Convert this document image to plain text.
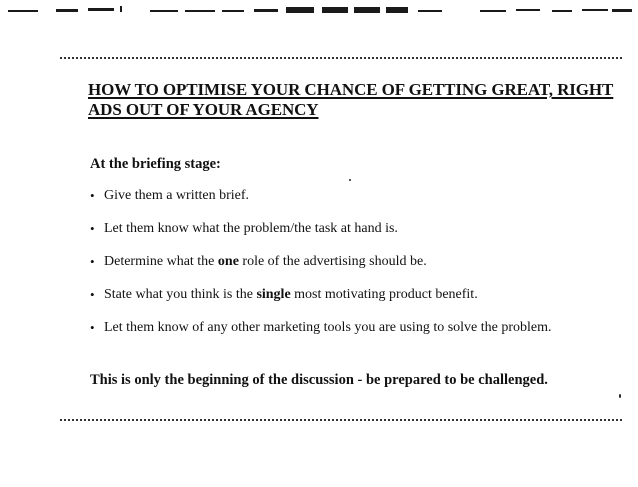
HOW TO OPTIMISE YOUR CHANCE OF GETTING GREAT, RIGHT ADS OUT OF YOUR AGENCY
At the briefing stage:
• Give them a written brief.
• Let them know what the problem/the task at hand is.
• Determine what the one role of the advertising should be.
• State what you think is the single most motivating product benefit.
• Let them know of any other marketing tools you are using to solve the problem.

This is only the beginning of the discussion - be prepared to be challenged.
